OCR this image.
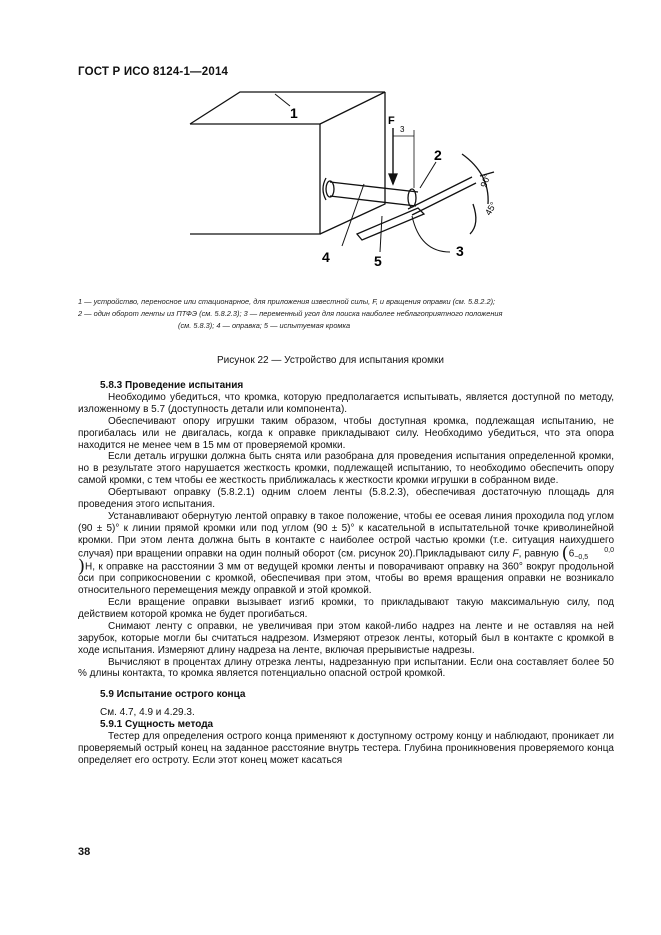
ГОСТ Р ИСО 8124-1—2014
1
2
3
4	5
F
3
90°
45°
1 — устройство, переносное или стационарное, для приложения известной силы, F, и вращения оправки (см. 5.8.2.2);
2 — один оборот ленты из ПТФЭ (см. 5.8.2.3); 3 — переменный угол для поиска наиболее неблагоприятного положения
(см. 5.8.3); 4 — оправка; 5 — испытуемая кромка
Рисунок 22 — Устройство для испытания кромки

5.8.3 Проведение испытания

Необходимо убедиться, что кромка, которую предполагается испытывать, является доступной по методу, изложенному в 5.7 (доступность детали или компонента).

Обеспечивают опору игрушки таким образом, чтобы доступная кромка, подлежащая испытанию, не прогибалась или не двигалась, когда к оправке прикладывают силу. Необходимо убедиться, что эта опора находится не менее чем в 15 мм от проверяемой кромки.

Если деталь игрушки должна быть снята или разобрана для проведения испытания определенной кромки, но в результате этого нарушается жесткость кромки, подлежащей испытанию, то необходимо обеспечить опору самой кромки, с тем чтобы ее жесткость приближалась к жесткости кромки игрушки в собранном виде.

Обертывают оправку (5.8.2.1) одним слоем ленты (5.8.2.3), обеспечивая достаточную площадь для проведения этого испытания.

Устанавливают обернутую лентой оправку в такое положение, чтобы ее осевая линия проходила под углом (90 ± 5)° к линии прямой кромки или под углом (90 ± 5)° к касательной в испытательной точке криволинейной кромки. При этом лента должна быть в контакте с наиболее острой частью кромки (т.е. ситуация наихудшего случая) при вращении оправки на один полный оборот (см. рисунок 20).Прикладывают силу F, равную (6	0,0
−0,5)Н, к оправке на расстоянии 3 мм от ведущей кромки ленты и поворачивают оправку на 360° вокруг продольной оси при соприкосновении с кромкой, обеспечивая при этом, чтобы во время вращения оправки не возникало относительного перемещения между оправкой и этой кромкой.

Если вращение оправки вызывает изгиб кромки, то прикладывают такую максимальную силу, под действием которой кромка не будет прогибаться.

Снимают ленту с оправки, не увеличивая при этом какой-либо надрез на ленте и не оставляя на ней зарубок, которые могли бы считаться надрезом. Измеряют отрезок ленты, который был в контакте с кромкой в ходе испытания. Измеряют длину надреза на ленте, включая прерывистые надрезы.

Вычисляют в процентах длину отрезка ленты, надрезанную при испытании. Если она составляет более 50 % длины контакта, то кромка является потенциально опасной острой кромкой.

5.9 Испытание острого конца

См. 4.7, 4.9 и 4.29.3.

5.9.1 Сущность метода

Тестер для определения острого конца применяют к доступному острому концу и наблюдают, проникает ли проверяемый острый конец на заданное расстояние внутрь тестера. Глубина проникновения проверяемого конца определяет его остроту. Если этот конец может касаться

38
